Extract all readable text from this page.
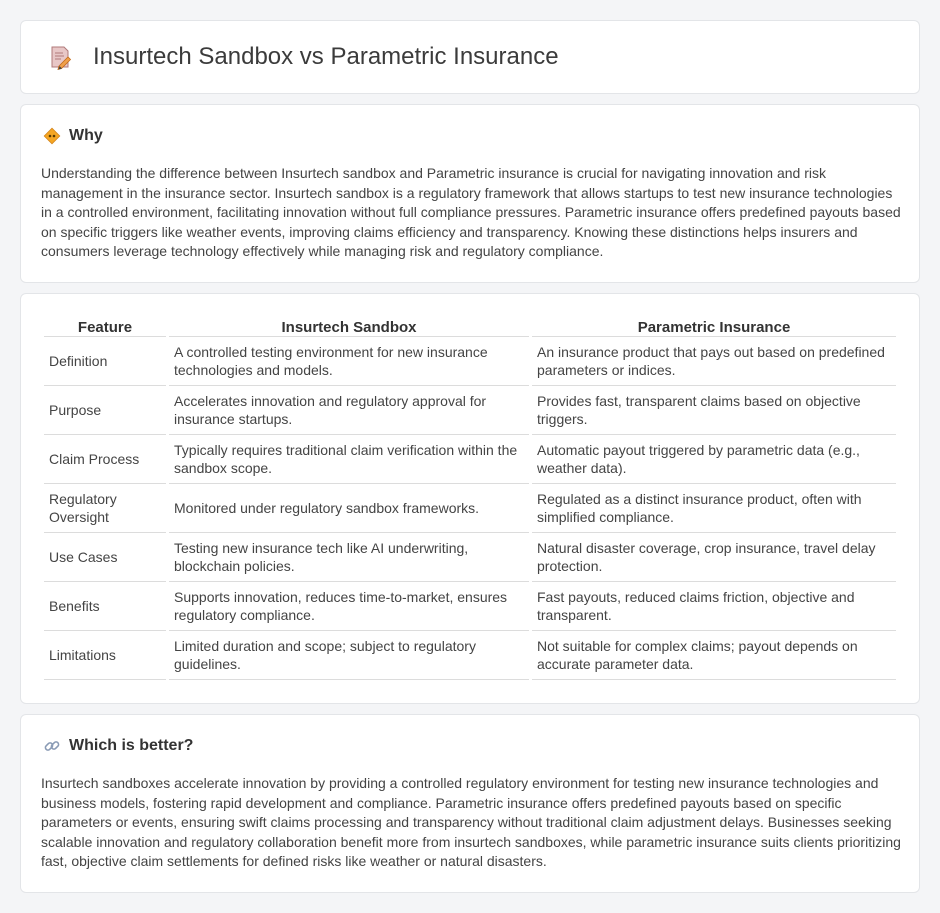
Insurtech Sandbox vs Parametric Insurance
Why

Understanding the difference between Insurtech sandbox and Parametric insurance is crucial for navigating innovation and risk management in the insurance sector. Insurtech sandbox is a regulatory framework that allows startups to test new insurance technologies in a controlled environment, facilitating innovation without full compliance pressures. Parametric insurance offers predefined payouts based on specific triggers like weather events, improving claims efficiency and transparency. Knowing these distinctions helps insurers and consumers leverage technology effectively while managing risk and regulatory compliance.

Feature	Insurtech Sandbox	Parametric Insurance
Definition	A controlled testing environment for new insurance technologies and models.	An insurance product that pays out based on predefined parameters or indices.
Purpose	Accelerates innovation and regulatory approval for insurance startups.	Provides fast, transparent claims based on objective triggers.
Claim Process	Typically requires traditional claim verification within the sandbox scope.	Automatic payout triggered by parametric data (e.g., weather data).
Regulatory Oversight	Monitored under regulatory sandbox frameworks.	Regulated as a distinct insurance product, often with simplified compliance.
Use Cases	Testing new insurance tech like AI underwriting, blockchain policies.	Natural disaster coverage, crop insurance, travel delay protection.
Benefits	Supports innovation, reduces time-to-market, ensures regulatory compliance.	Fast payouts, reduced claims friction, objective and transparent.
Limitations	Limited duration and scope; subject to regulatory guidelines.	Not suitable for complex claims; payout depends on accurate parameter data.
Which is better?

Insurtech sandboxes accelerate innovation by providing a controlled regulatory environment for testing new insurance technologies and business models, fostering rapid development and compliance. Parametric insurance offers predefined payouts based on specific parameters or events, ensuring swift claims processing and transparency without traditional claim adjustment delays. Businesses seeking scalable innovation and regulatory collaboration benefit more from insurtech sandboxes, while parametric insurance suits clients prioritizing fast, objective claim settlements for defined risks like weather or natural disasters.
